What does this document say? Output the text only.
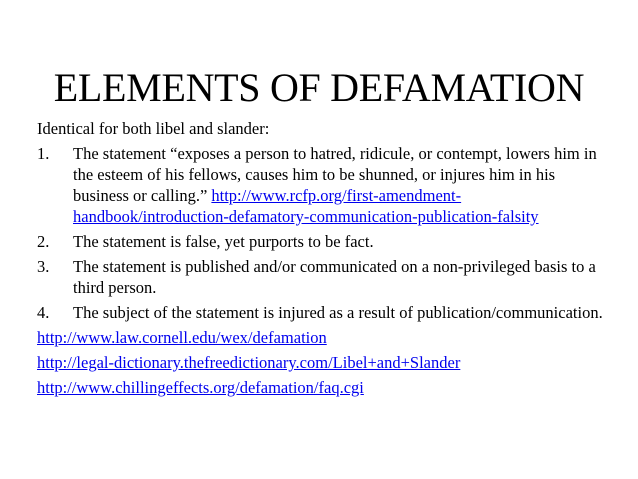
ELEMENTS OF DEFAMATION

Identical for both libel and slander:

1. The statement “exposes a person to hatred, ridicule, or contempt, lowers him in the esteem of his fellows, causes him to be shunned, or injures him in his business or calling.” http://www.rcfp.org/first-amendment-handbook/introduction-defamatory-communication-publication-falsity
2. The statement is false, yet purports to be fact.
3. The statement is published and/or communicated on a non-privileged basis to a third person.
4. The subject of the statement is injured as a result of publication/communication.
http://www.law.cornell.edu/wex/defamation
http://legal-dictionary.thefreedictionary.com/Libel+and+Slander
http://www.chillingeffects.org/defamation/faq.cgi
